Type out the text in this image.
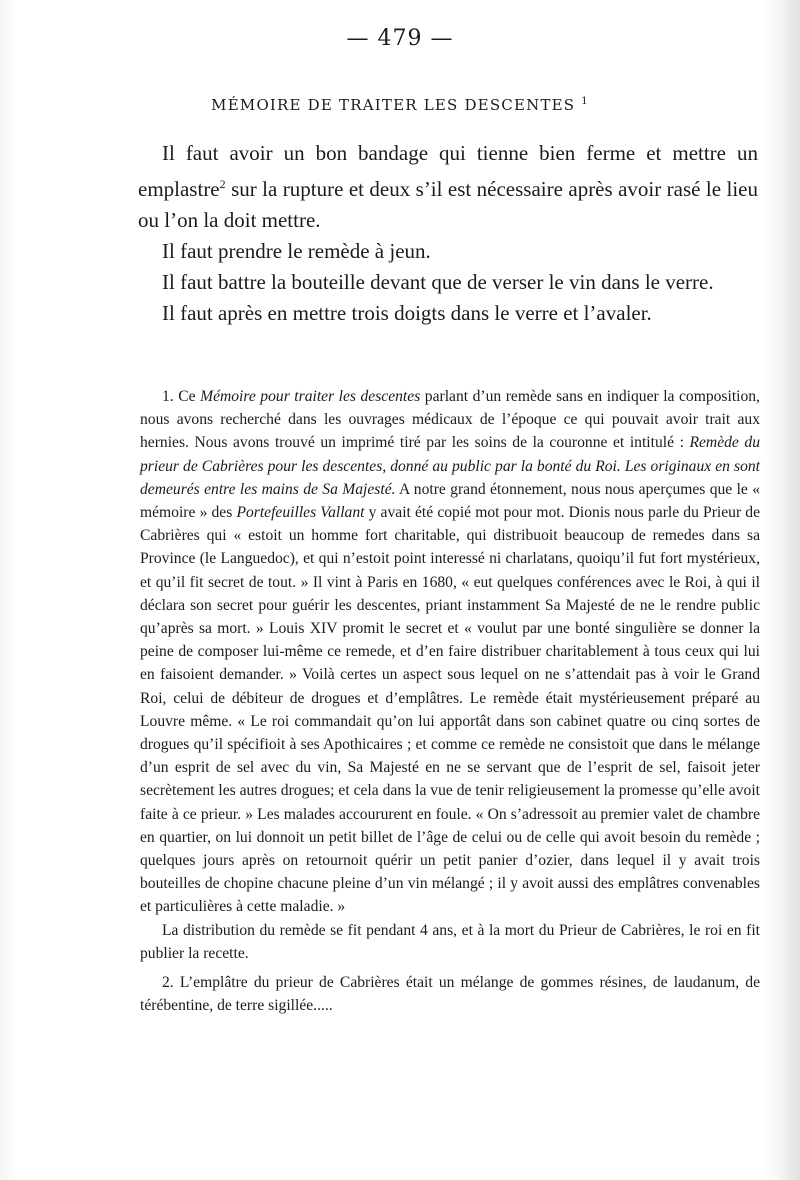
— 479 —
MÉMOIRE DE TRAITER LES DESCENTES $^1$

Il faut avoir un bon bandage qui tienne bien ferme et mettre un emplastre$^2$ sur la rupture et deux s’il est nécessaire après avoir rasé le lieu ou l’on la doit mettre.

Il faut prendre le remède à jeun.

Il faut battre la bouteille devant que de verser le vin dans le verre.

Il faut après en mettre trois doigts dans le verre et l’avaler.

1. Ce Mémoire pour traiter les descentes parlant d’un remède sans en indiquer la composition, nous avons recherché dans les ouvrages médicaux de l’époque ce qui pouvait avoir trait aux hernies. Nous avons trouvé un imprimé tiré par les soins de la couronne et intitulé : Remède du prieur de Cabrières pour les descentes, donné au public par la bonté du Roi. Les originaux en sont demeurés entre les mains de Sa Majesté. A notre grand étonnement, nous nous aperçumes que le « mémoire » des Portefeuilles Vallant y avait été copié mot pour mot. Dionis nous parle du Prieur de Cabrières qui « estoit un homme fort charitable, qui distribuoit beaucoup de remedes dans sa Province (le Languedoc), et qui n’estoit point interessé ni charlatans, quoiqu’il fut fort mystérieux, et qu’il fit secret de tout. » Il vint à Paris en 1680, « eut quelques conférences avec le Roi, à qui il déclara son secret pour guérir les descentes, priant instamment Sa Majesté de ne le rendre public qu’après sa mort. » Louis XIV promit le secret et « voulut par une bonté singulière se donner la peine de composer lui-même ce remede, et d’en faire distribuer charitablement à tous ceux qui lui en faisoient demander. » Voilà certes un aspect sous lequel on ne s’attendait pas à voir le Grand Roi, celui de débiteur de drogues et d’emplâtres. Le remède était mystérieusement préparé au Louvre même. « Le roi commandait qu’on lui apportât dans son cabinet quatre ou cinq sortes de drogues qu’il spécifioit à ses Apothicaires ; et comme ce remède ne consistoit que dans le mélange d’un esprit de sel avec du vin, Sa Majesté en ne se servant que de l’esprit de sel, faisoit jeter secrètement les autres drogues; et cela dans la vue de tenir religieusement la promesse qu’elle avoit faite à ce prieur. » Les malades accoururent en foule. « On s’adressoit au premier valet de chambre en quartier, on lui donnoit un petit billet de l’âge de celui ou de celle qui avoit besoin du remède ; quelques jours après on retournoit quérir un petit panier d’ozier, dans lequel il y avait trois bouteilles de chopine chacune pleine d’un vin mélangé ; il y avoit aussi des emplâtres convenables et particulières à cette maladie. »

La distribution du remède se fit pendant 4 ans, et à la mort du Prieur de Cabrières, le roi en fit publier la recette.

2. L’emplâtre du prieur de Cabrières était un mélange de gommes résines, de laudanum, de térébentine, de terre sigillée.....
